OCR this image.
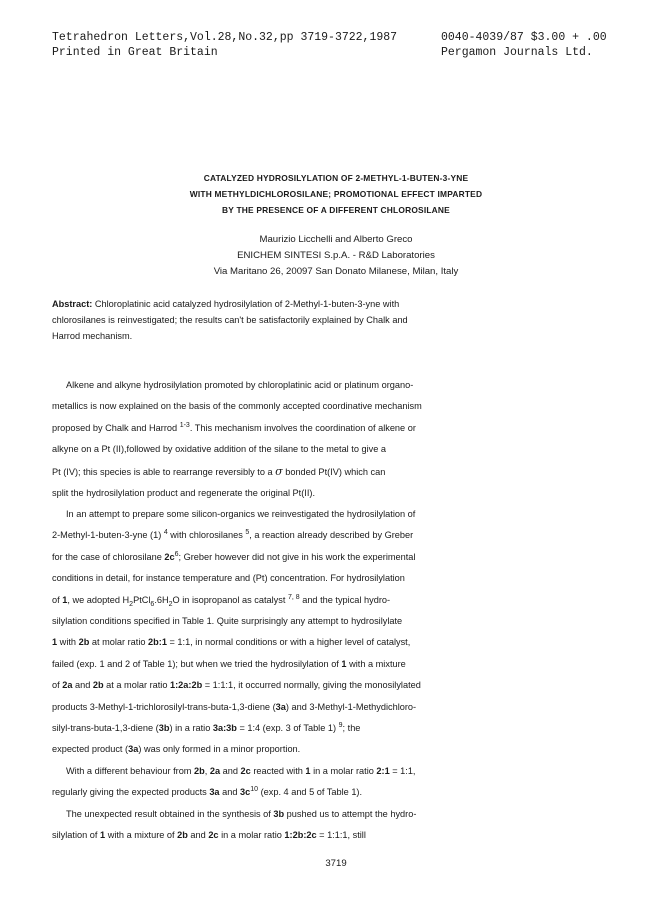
Tetrahedron Letters,Vol.28,No.32,pp 3719-3722,1987
Printed in Great Britain
0040-4039/87 $3.00 + .00
Pergamon Journals Ltd.
CATALYZED HYDROSILYLATION OF 2-METHYL-1-BUTEN-3-YNE
WITH METHYLDICHLOROSILANE; PROMOTIONAL EFFECT IMPARTED
BY THE PRESENCE OF A DIFFERENT CHLOROSILANE
Maurizio Licchelli and Alberto Greco
ENICHEM SINTESI S.p.A. - R&D Laboratories
Via Maritano 26, 20097 San Donato Milanese, Milan, Italy
Abstract: Chloroplatinic acid catalyzed hydrosilylation of 2-Methyl-1-buten-3-yne with
chlorosilanes is reinvestigated; the results can't be satisfactorily explained by Chalk and
Harrod mechanism.
Alkene and alkyne hydrosilylation promoted by chloroplatinic acid or platinum organo-
metallics is now explained on the basis of the commonly accepted coordinative mechanism
proposed by Chalk and Harrod $^{1-3}$. This mechanism involves the coordination of alkene or
alkyne on a Pt (II),followed by oxidative addition of the silane to the metal to give a
Pt (IV); this species is able to rearrange reversibly to a σ bonded Pt(IV) which can
split the hydrosilylation product and regenerate the original Pt(II).
In an attempt to prepare some silicon-organics we reinvestigated the hydrosilylation of
2-Methyl-1-buten-3-yne (1) $^4$ with chlorosilanes $^5$, a reaction already described by Greber
for the case of chlorosilane $2c^6$; Greber however did not give in his work the experimental
conditions in detail, for instance temperature and (Pt) concentration. For hydrosilylation
of 1, we adopted $H_2PtCl_6.6H_2O$ in isopropanol as catalyst $^{7, 8}$ and the typical hydro-
silylation conditions specified in Table 1. Quite surprisingly any attempt to hydrosilylate
1 with 2b at molar ratio 2b:1 = 1:1, in normal conditions or with a higher level of catalyst,
failed (exp. 1 and 2 of Table 1); but when we tried the hydrosilylation of 1 with a mixture
of 2a and 2b at a molar ratio 1:2a:2b = 1:1:1, it occurred normally, giving the monosilylated
products 3-Methyl-1-trichlorosilyl-trans-buta-1,3-diene (3a) and 3-Methyl-1-Methydichloro-
silyl-trans-buta-1,3-diene (3b) in a ratio 3a:3b = 1:4 (exp. 3 of Table 1) $^9$; the
expected product (3a) was only formed in a minor proportion.
With a different behaviour from 2b, 2a and 2c reacted with 1 in a molar ratio 2:1 = 1:1,
regularly giving the expected products 3a and $3c^{10}$ (exp. 4 and 5 of Table 1).
The unexpected result obtained in the synthesis of 3b pushed us to attempt the hydro-
silylation of 1 with a mixture of 2b and 2c in a molar ratio 1:2b:2c = 1:1:1, still
3719
